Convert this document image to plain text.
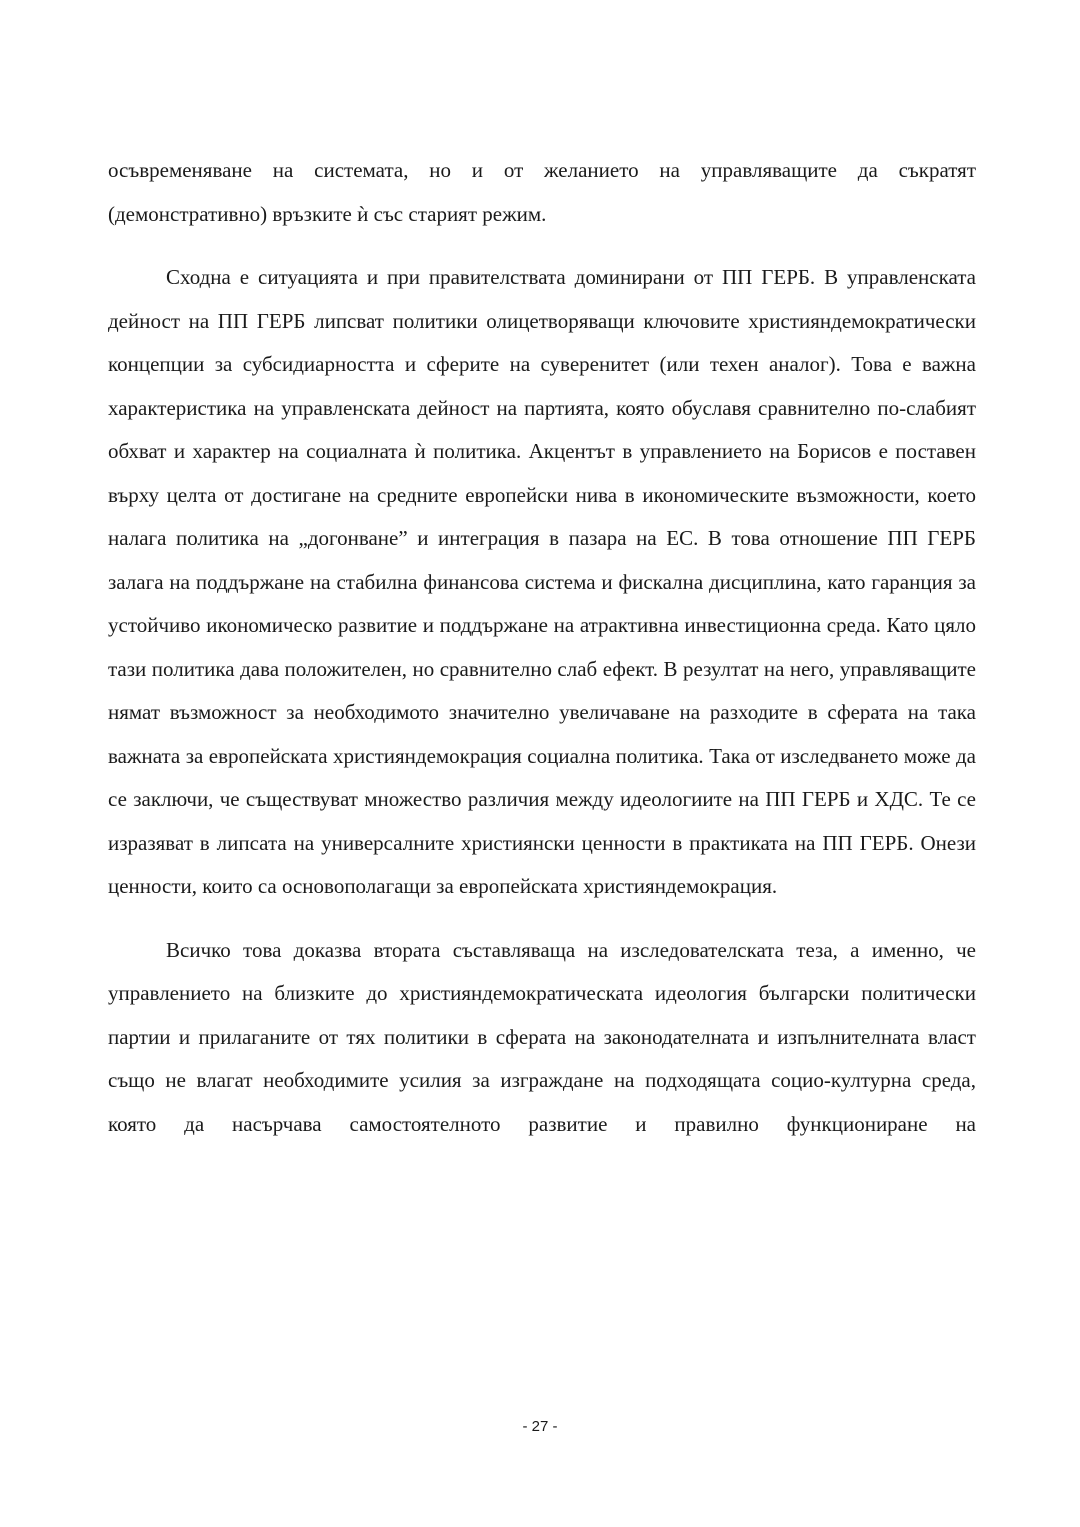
осъвременяване на системата, но и от желанието на управляващите да съкратят (демонстративно) връзките ѝ със старият режим.

Сходна е ситуацията и при правителствата доминирани от ПП ГЕРБ. В управленската дейност на ПП ГЕРБ липсват политики олицетворяващи ключовите християндемократически концепции за субсидиарността и сферите на суверенитет (или техен аналог). Това е важна характеристика на управленската дейност на партията, която обуславя сравнително по-слабият обхват и характер на социалната ѝ политика. Акцентът в управлението на Борисов е поставен върху целта от достигане на средните европейски нива в икономическите възможности, което налага политика на „догонване” и интеграция в пазара на ЕС. В това отношение ПП ГЕРБ залага на поддържане на стабилна финансова система и фискална дисциплина, като гаранция за устойчиво икономическо развитие и поддържане на атрактивна инвестиционна среда. Като цяло тази политика дава положителен, но сравнително слаб ефект. В резултат на него, управляващите нямат възможност за необходимото значително увеличаване на разходите в сферата на така важната за европейската християндемокрация социална политика. Така от изследването може да се заключи, че съществуват множество различия между идеологиите на ПП ГЕРБ и ХДС. Те се изразяват в липсата на универсалните християнски ценности в практиката на ПП ГЕРБ. Онези ценности, които са основополагащи за европейската християндемокрация.

Всичко това доказва втората съставляваща на изследователската теза, а именно, че управлението на близките до християндемократическата идеология български политически партии и прилаганите от тях политики в сферата на законодателната и изпълнителната власт също не влагат необходимите усилия за изграждане на подходящата социо-културна среда, която да насърчава самостоятелното развитие и правилно функциониране на

- 27 -
